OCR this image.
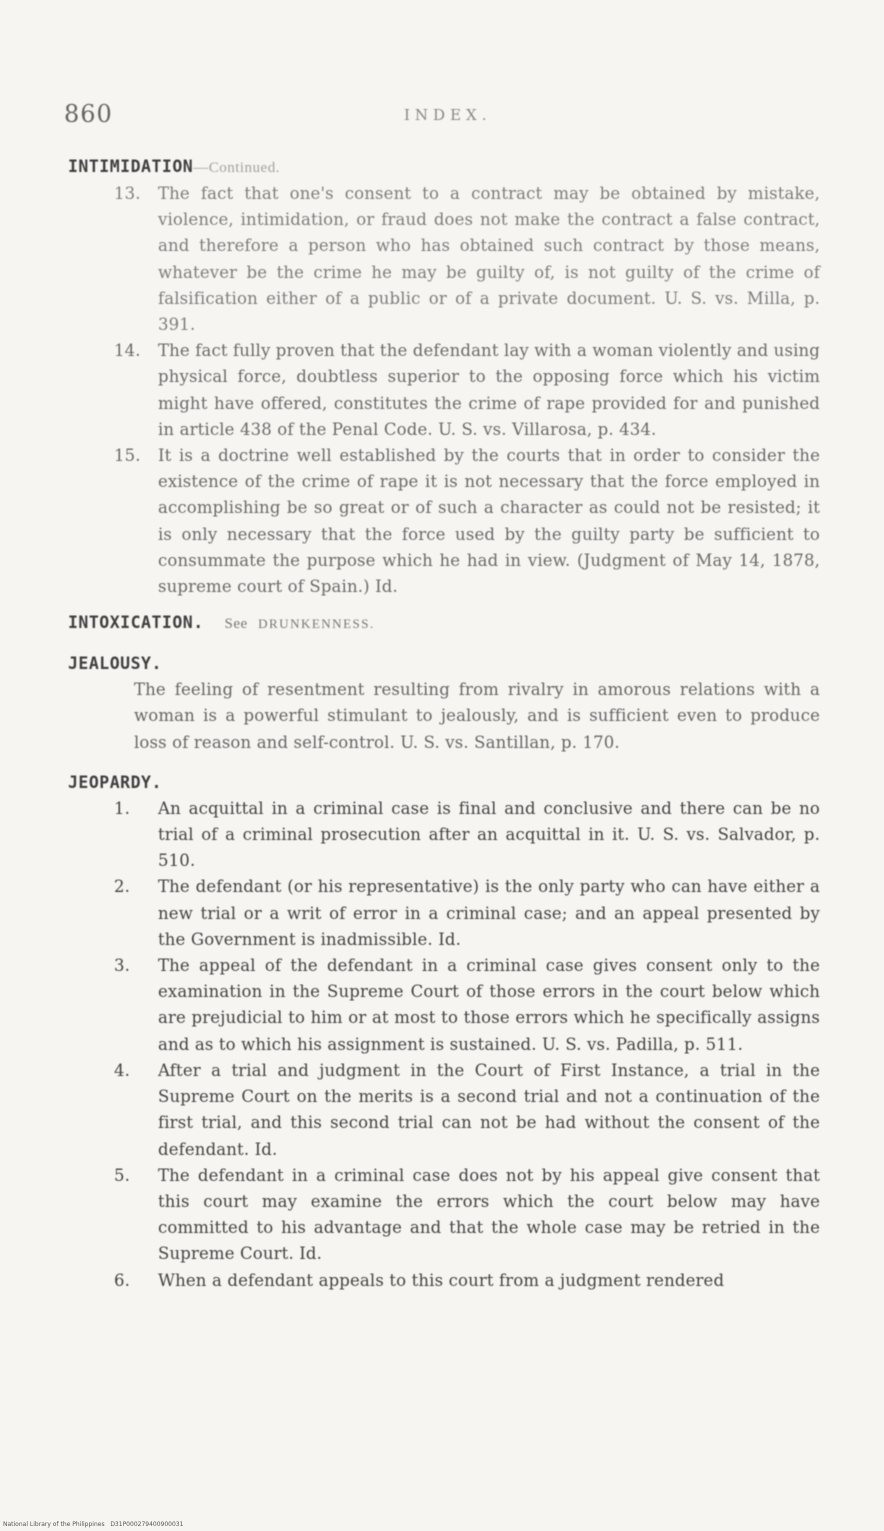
860	INDEX.
INTIMIDATION—Continued.
13. The fact that one's consent to a contract may be obtained by mistake, violence, intimidation, or fraud does not make the contract a false contract, and therefore a person who has obtained such contract by those means, whatever be the crime he may be guilty of, is not guilty of the crime of falsification either of a public or of a private document. U. S. vs. Milla, p. 391.
14. The fact fully proven that the defendant lay with a woman violently and using physical force, doubtless superior to the opposing force which his victim might have offered, constitutes the crime of rape provided for and punished in article 438 of the Penal Code. U. S. vs. Villarosa, p. 434.
15. It is a doctrine well established by the courts that in order to consider the existence of the crime of rape it is not necessary that the force employed in accomplishing be so great or of such a character as could not be resisted; it is only necessary that the force used by the guilty party be sufficient to consummate the purpose which he had in view. (Judgment of May 14, 1878, supreme court of Spain.) Id.
INTOXICATION. See DRUNKENNESS.
JEALOUSY.
The feeling of resentment resulting from rivalry in amorous relations with a woman is a powerful stimulant to jealously, and is sufficient even to produce loss of reason and self-control. U. S. vs. Santillan, p. 170.
JEOPARDY.
1. An acquittal in a criminal case is final and conclusive and there can be no trial of a criminal prosecution after an acquittal in it. U. S. vs. Salvador, p. 510.
2. The defendant (or his representative) is the only party who can have either a new trial or a writ of error in a criminal case; and an appeal presented by the Government is inadmissible. Id.
3. The appeal of the defendant in a criminal case gives consent only to the examination in the Supreme Court of those errors in the court below which are prejudicial to him or at most to those errors which he specifically assigns and as to which his assignment is sustained. U. S. vs. Padilla, p. 511.
4. After a trial and judgment in the Court of First Instance, a trial in the Supreme Court on the merits is a second trial and not a continuation of the first trial, and this second trial can not be had without the consent of the defendant. Id.
5. The defendant in a criminal case does not by his appeal give consent that this court may examine the errors which the court below may have committed to his advantage and that the whole case may be retried in the Supreme Court. Id.
6. When a defendant appeals to this court from a judgment rendered
National Library of the Philippines D31P000279400900031
